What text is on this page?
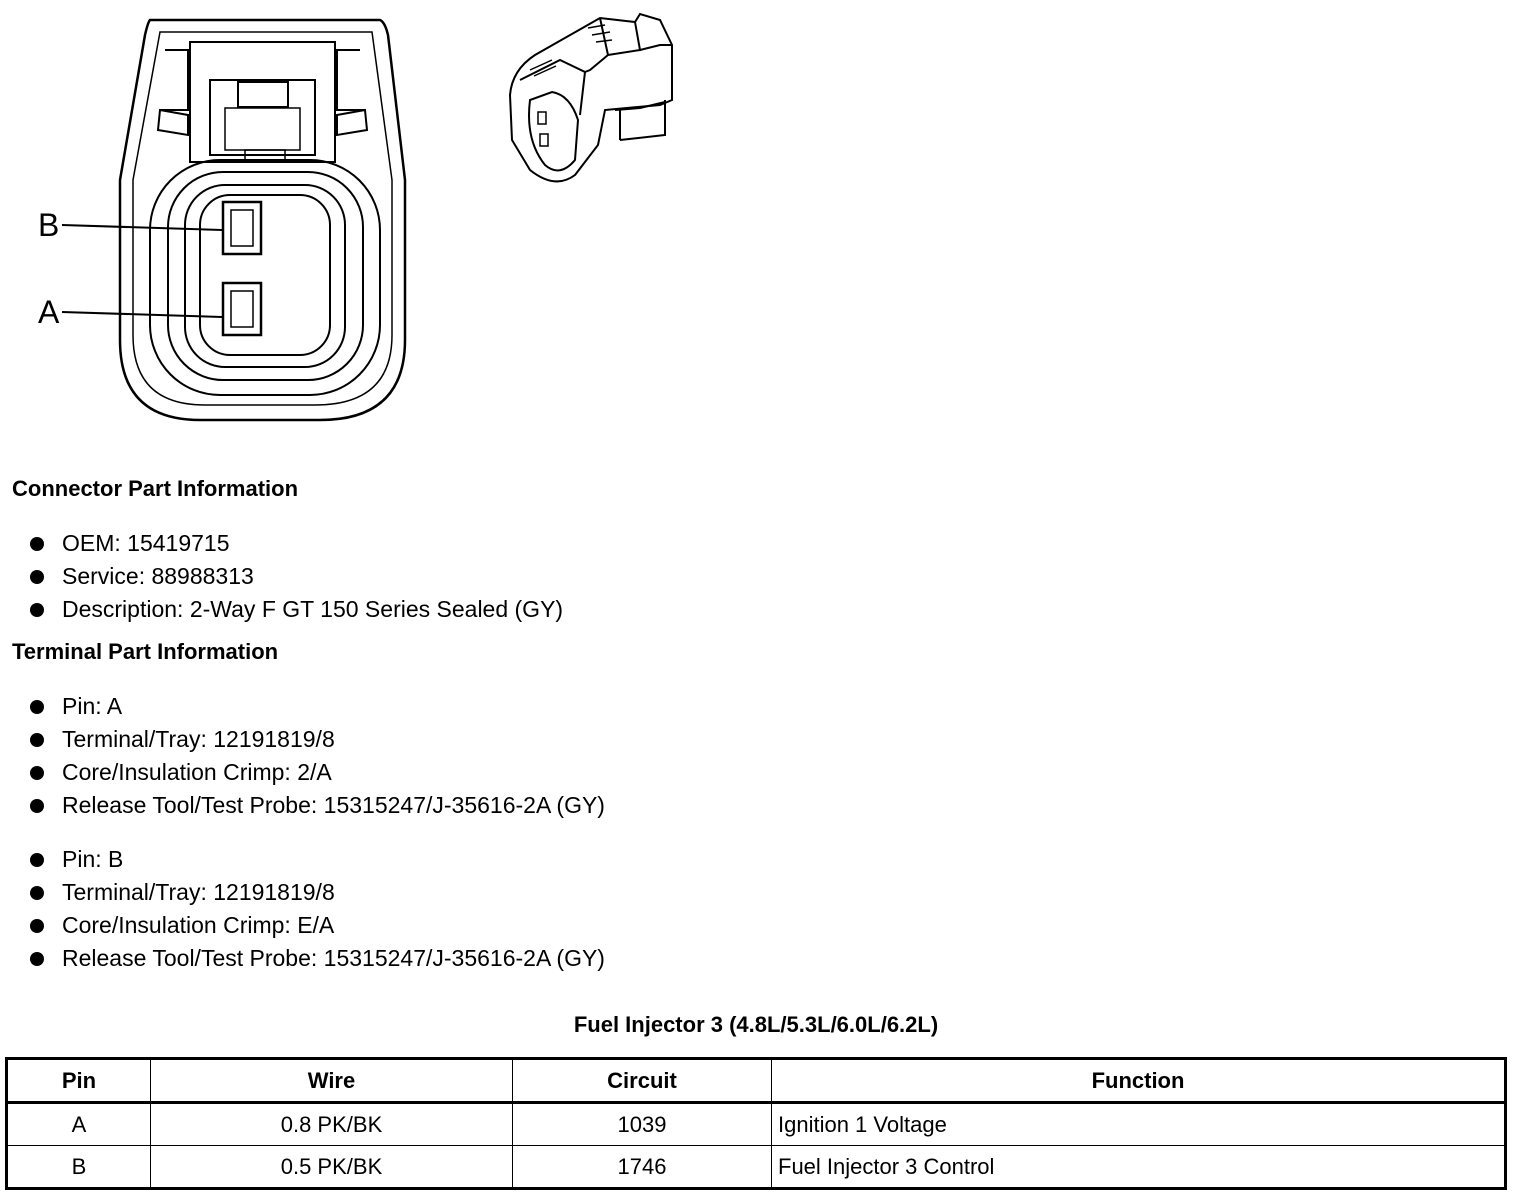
B
A
Connector Part Information
OEM: 15419715
Service: 88988313
Description: 2-Way F GT 150 Series Sealed (GY)
Terminal Part Information
Pin: A
Terminal/Tray: 12191819/8
Core/Insulation Crimp: 2/A
Release Tool/Test Probe: 15315247/J-35616-2A (GY)
Pin: B
Terminal/Tray: 12191819/8
Core/Insulation Crimp: E/A
Release Tool/Test Probe: 15315247/J-35616-2A (GY)
Fuel Injector 3 (4.8L/5.3L/6.0L/6.2L)
Pin	Wire	Circuit	Function
A	0.8 PK/BK	1039	Ignition 1 Voltage
B	0.5 PK/BK	1746	Fuel Injector 3 Control
